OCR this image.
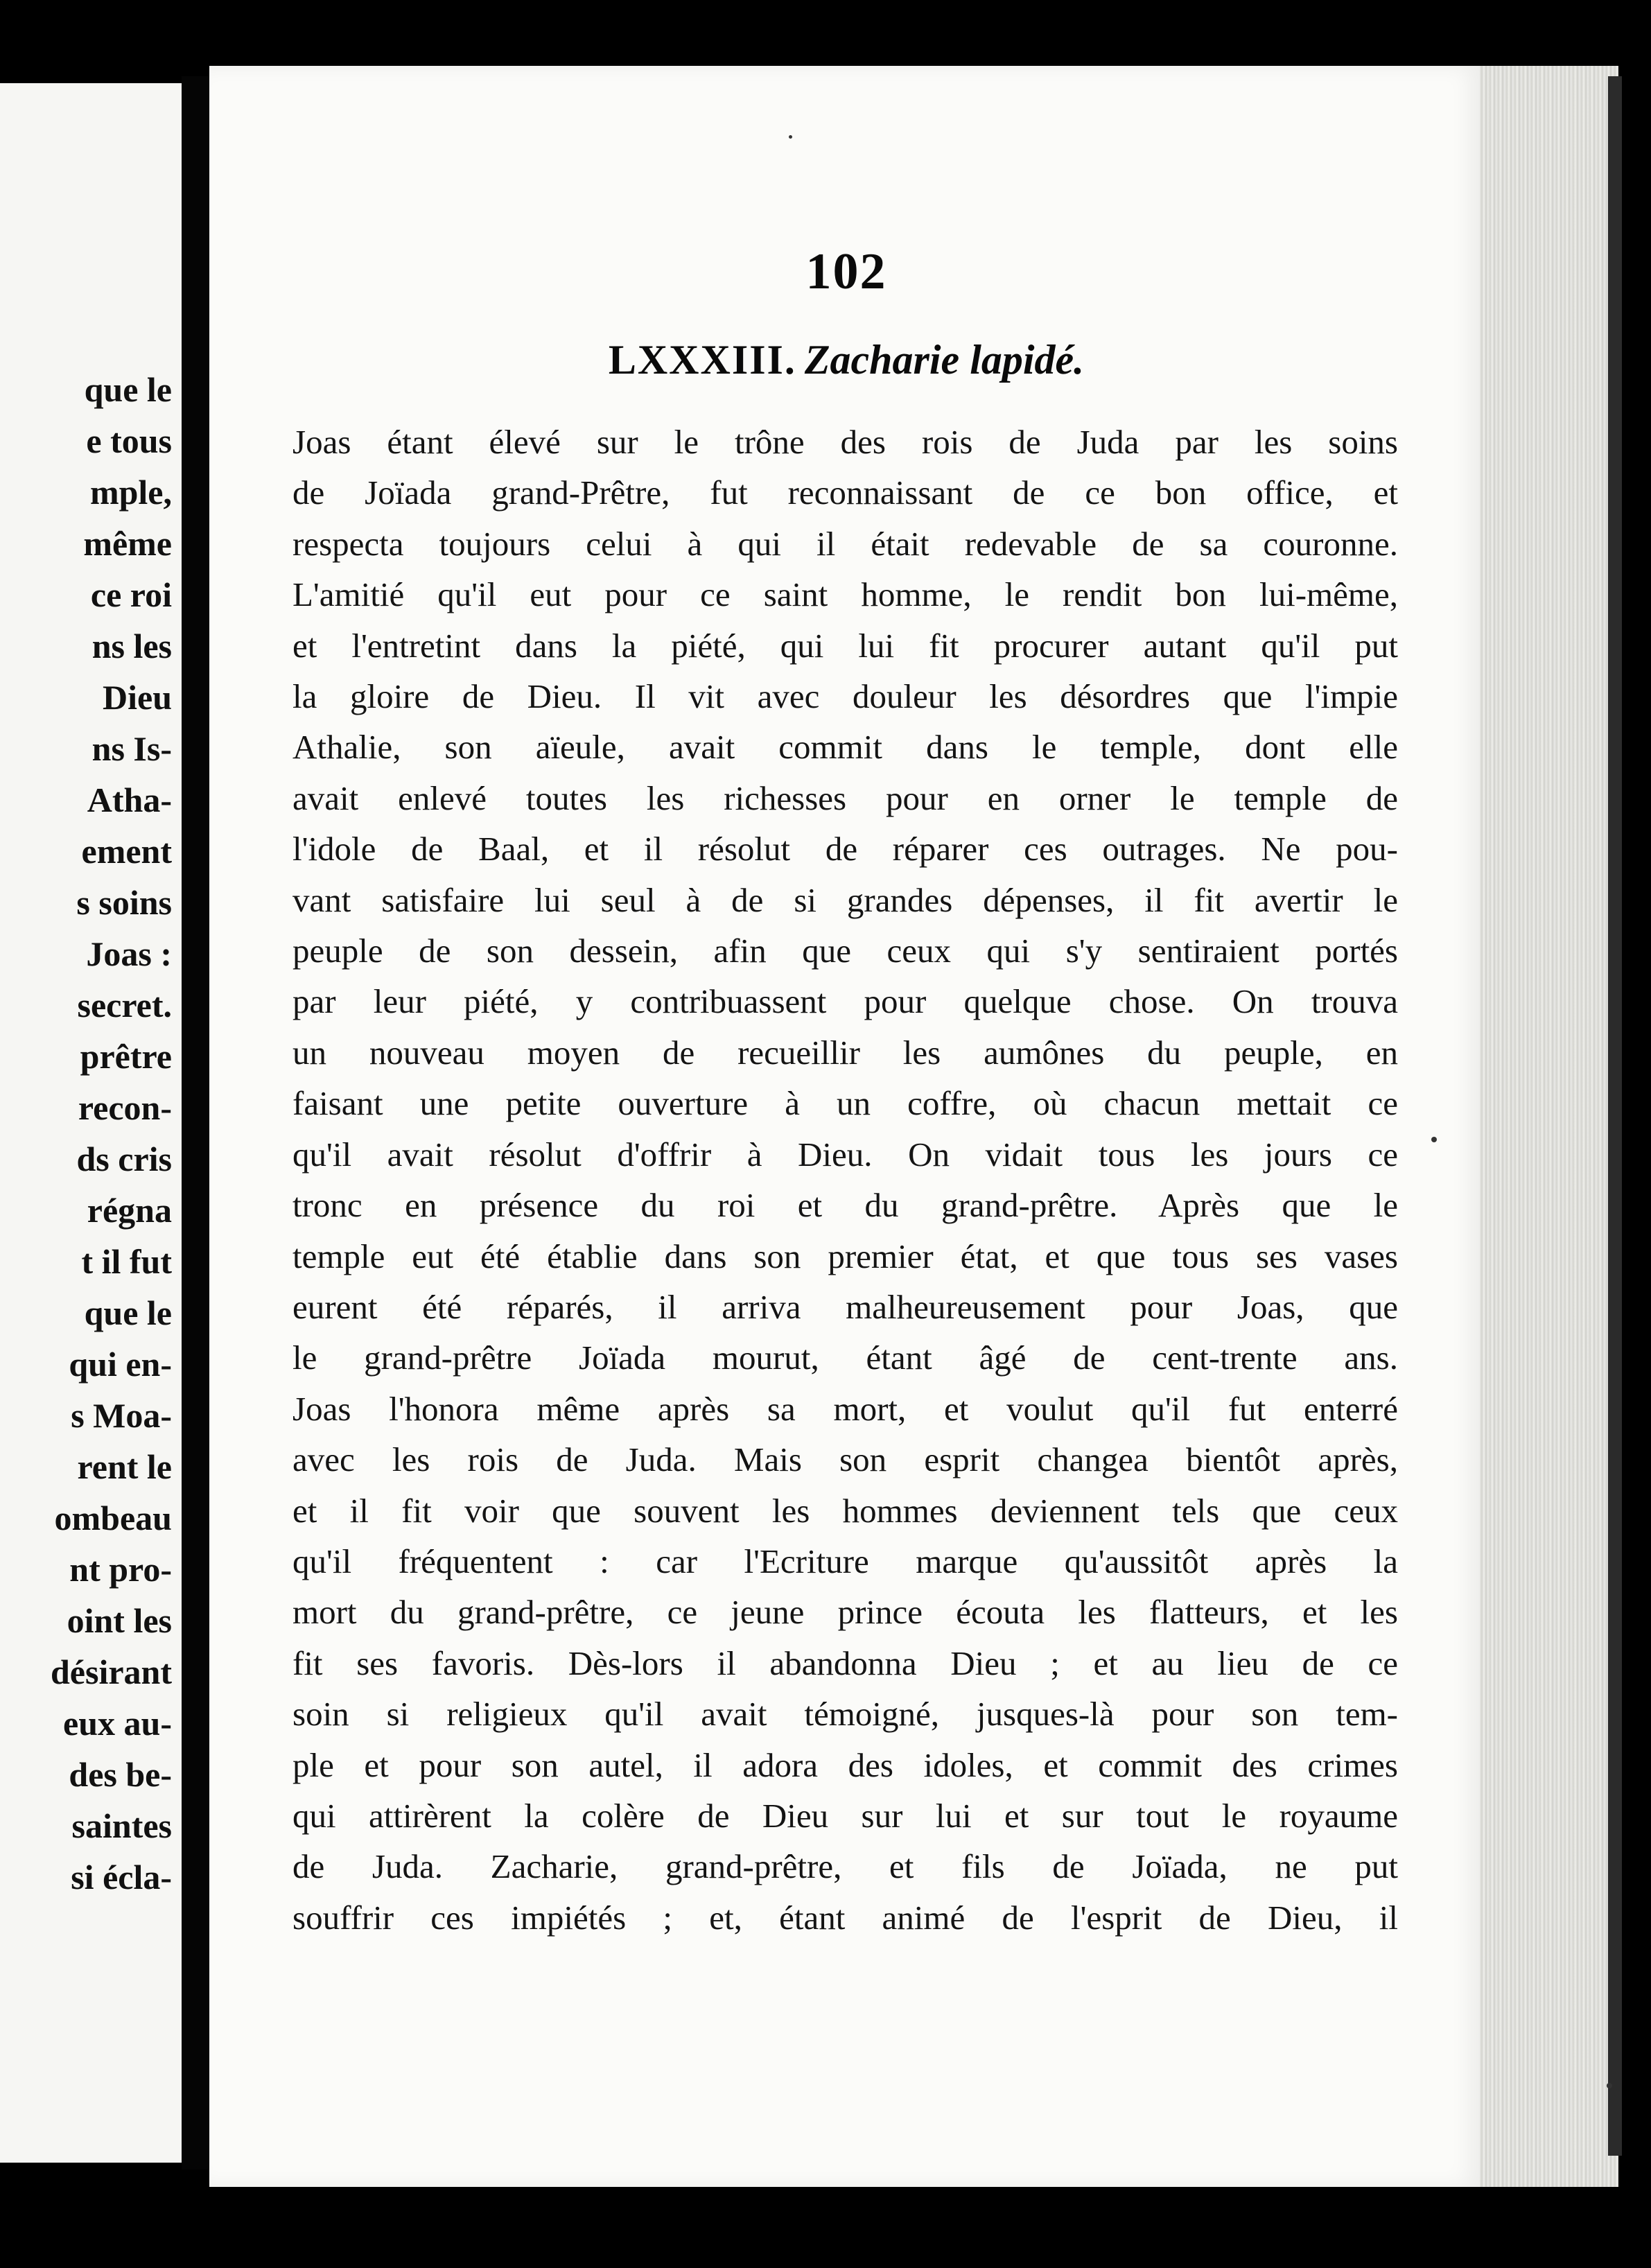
que le
e tous
mple,
même
ce roi
ns les
Dieu
ns Is-
Atha-
ement
s soins
Joas :
secret.
prêtre
recon-
ds cris
régna
t il fut
que le
qui en-
s Moa-
rent le
ombeau
nt pro-
oint les
désirant
eux au-
des be-
saintes
si écla-
102
LXXXIII. Zacharie lapidé.
Joas étant élevé sur le trône des rois de Juda par les soins
de Joïada grand-Prêtre, fut reconnaissant de ce bon office, et
respecta toujours celui à qui il était redevable de sa couronne.
L'amitié qu'il eut pour ce saint homme, le rendit bon lui-même,
et l'entretint dans la piété, qui lui fit procurer autant qu'il put
la gloire de Dieu. Il vit avec douleur les désordres que l'impie
Athalie, son aïeule, avait commit dans le temple, dont elle
avait enlevé toutes les richesses pour en orner le temple de
l'idole de Baal, et il résolut de réparer ces outrages. Ne pou-
vant satisfaire lui seul à de si grandes dépenses, il fit avertir le
peuple de son dessein, afin que ceux qui s'y sentiraient portés
par leur piété, y contribuassent pour quelque chose. On trouva
un nouveau moyen de recueillir les aumônes du peuple, en
faisant une petite ouverture à un coffre, où chacun mettait ce
qu'il avait résolut d'offrir à Dieu. On vidait tous les jours ce
tronc en présence du roi et du grand-prêtre. Après que le
temple eut été établie dans son premier état, et que tous ses vases
eurent été réparés, il arriva malheureusement pour Joas, que
le grand-prêtre Joïada mourut, étant âgé de cent-trente ans.
Joas l'honora même après sa mort, et voulut qu'il fut enterré
avec les rois de Juda. Mais son esprit changea bientôt après,
et il fit voir que souvent les hommes deviennent tels que ceux
qu'il fréquentent : car l'Ecriture marque qu'aussitôt après la
mort du grand-prêtre, ce jeune prince écouta les flatteurs, et les
fit ses favoris. Dès-lors il abandonna Dieu ; et au lieu de ce
soin si religieux qu'il avait témoigné, jusques-là pour son tem-
ple et pour son autel, il adora des idoles, et commit des crimes
qui attirèrent la colère de Dieu sur lui et sur tout le royaume
de Juda. Zacharie, grand-prêtre, et fils de Joïada, ne put
souffrir ces impiétés ; et, étant animé de l'esprit de Dieu, il
